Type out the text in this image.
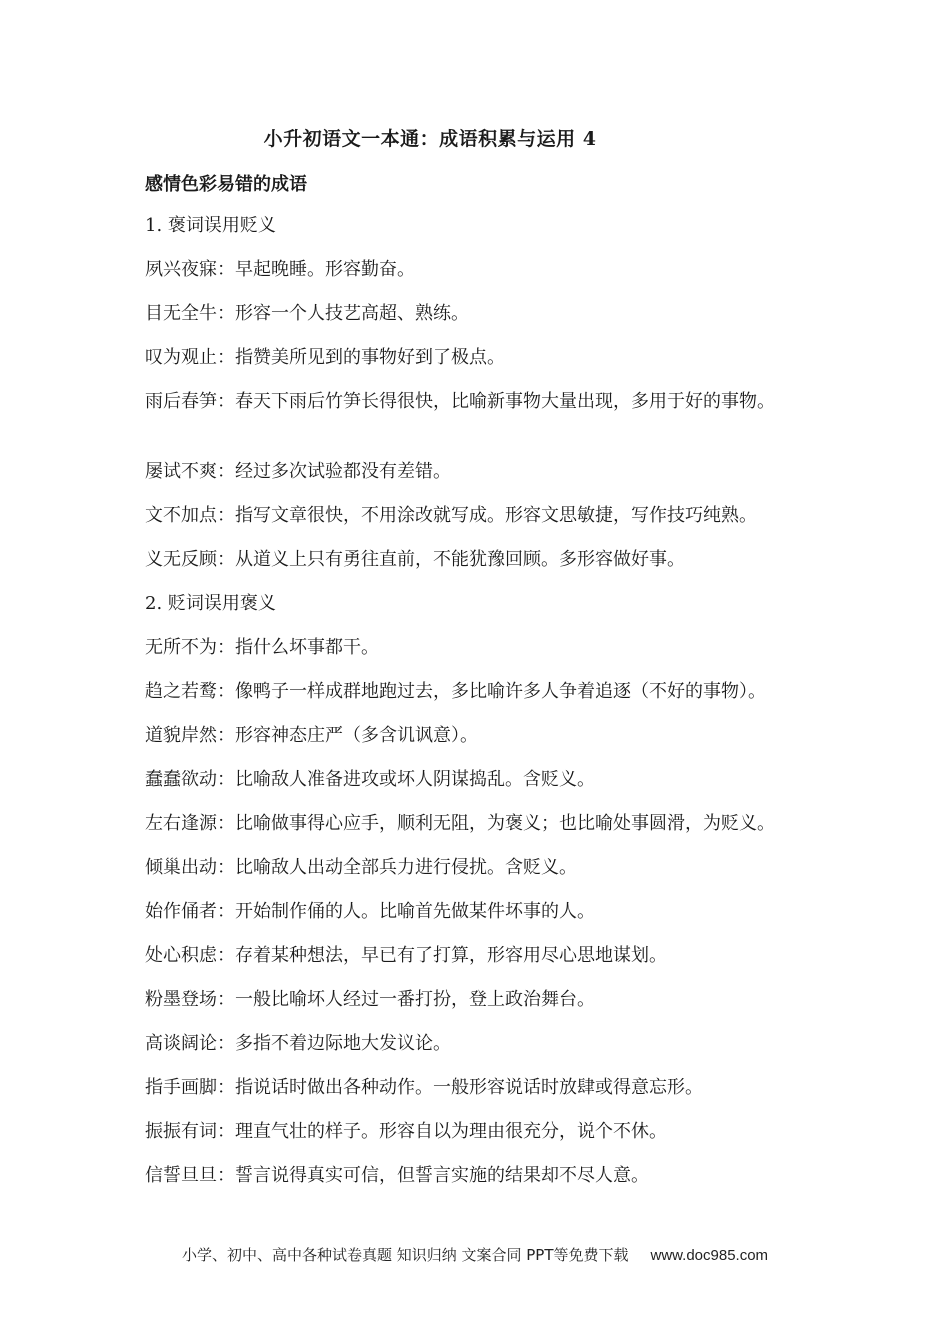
小升初语文一本通：成语积累与运用 4
感情色彩易错的成语
1. 褒词误用贬义
夙兴夜寐：早起晚睡。形容勤奋。
目无全牛：形容一个人技艺高超、熟练。
叹为观止：指赞美所见到的事物好到了极点。
雨后春笋：春天下雨后竹笋长得很快，比喻新事物大量出现，多用于好的事物。
屡试不爽：经过多次试验都没有差错。
文不加点：指写文章很快，不用涂改就写成。形容文思敏捷，写作技巧纯熟。
义无反顾：从道义上只有勇往直前，不能犹豫回顾。多形容做好事。
2. 贬词误用褒义
无所不为：指什么坏事都干。
趋之若鹜：像鸭子一样成群地跑过去，多比喻许多人争着追逐（不好的事物）。
道貌岸然：形容神态庄严（多含讥讽意）。
蠢蠢欲动：比喻敌人准备进攻或坏人阴谋捣乱。含贬义。
左右逢源：比喻做事得心应手，顺利无阻，为褒义；也比喻处事圆滑，为贬义。
倾巢出动：比喻敌人出动全部兵力进行侵扰。含贬义。
始作俑者：开始制作俑的人。比喻首先做某件坏事的人。
处心积虑：存着某种想法，早已有了打算，形容用尽心思地谋划。
粉墨登场：一般比喻坏人经过一番打扮，登上政治舞台。
高谈阔论：多指不着边际地大发议论。
指手画脚：指说话时做出各种动作。一般形容说话时放肆或得意忘形。
振振有词：理直气壮的样子。形容自以为理由很充分，说个不休。
信誓旦旦：誓言说得真实可信，但誓言实施的结果却不尽人意。
小学、初中、高中各种试卷真题 知识归纳 文案合同 PPT等免费下载 www.doc985.com
